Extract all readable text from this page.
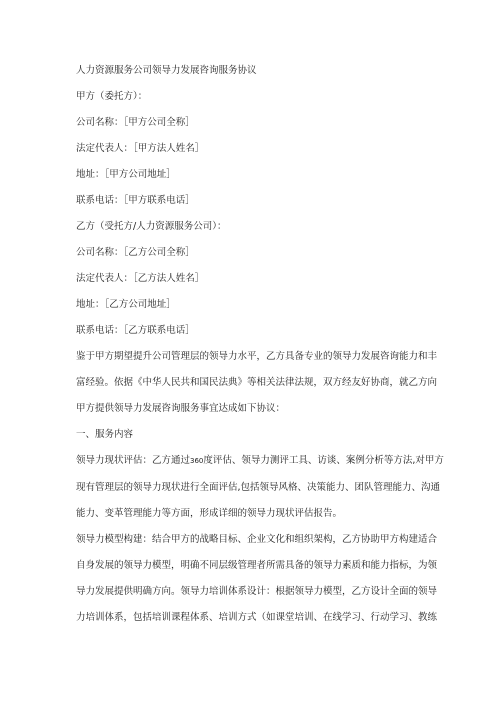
人力资源服务公司领导力发展咨询服务协议

甲方（委托方）：

公司名称：［甲方公司全称］

法定代表人：［甲方法人姓名］

地址：［甲方公司地址］

联系电话：［甲方联系电话］

乙方（受托方/人力资源服务公司）：

公司名称：［乙方公司全称］

法定代表人：［乙方法人姓名］

地址：［乙方公司地址］

联系电话：［乙方联系电话］

鉴于甲方期望提升公司管理层的领导力水平，乙方具备专业的领导力发展咨询能力和丰
富经验。依据《中华人民共和国民法典》等相关法律法规，双方经友好协商，就乙方向
甲方提供领导力发展咨询服务事宜达成如下协议：

一、服务内容

领导力现状评估：乙方通过360度评估、领导力测评工具、访谈、案例分析等方法,对甲方
现有管理层的领导力现状进行全面评估,包括领导风格、决策能力、团队管理能力、沟通
能力、变革管理能力等方面，形成详细的领导力现状评估报告。
领导力模型构建：结合甲方的战略目标、企业文化和组织架构，乙方协助甲方构建适合
自身发展的领导力模型，明确不同层级管理者所需具备的领导力素质和能力指标，为领
导力发展提供明确方向。领导力培训体系设计：根据领导力模型，乙方设计全面的领导
力培训体系，包括培训课程体系、培训方式（如课堂培训、在线学习、行动学习、教练
